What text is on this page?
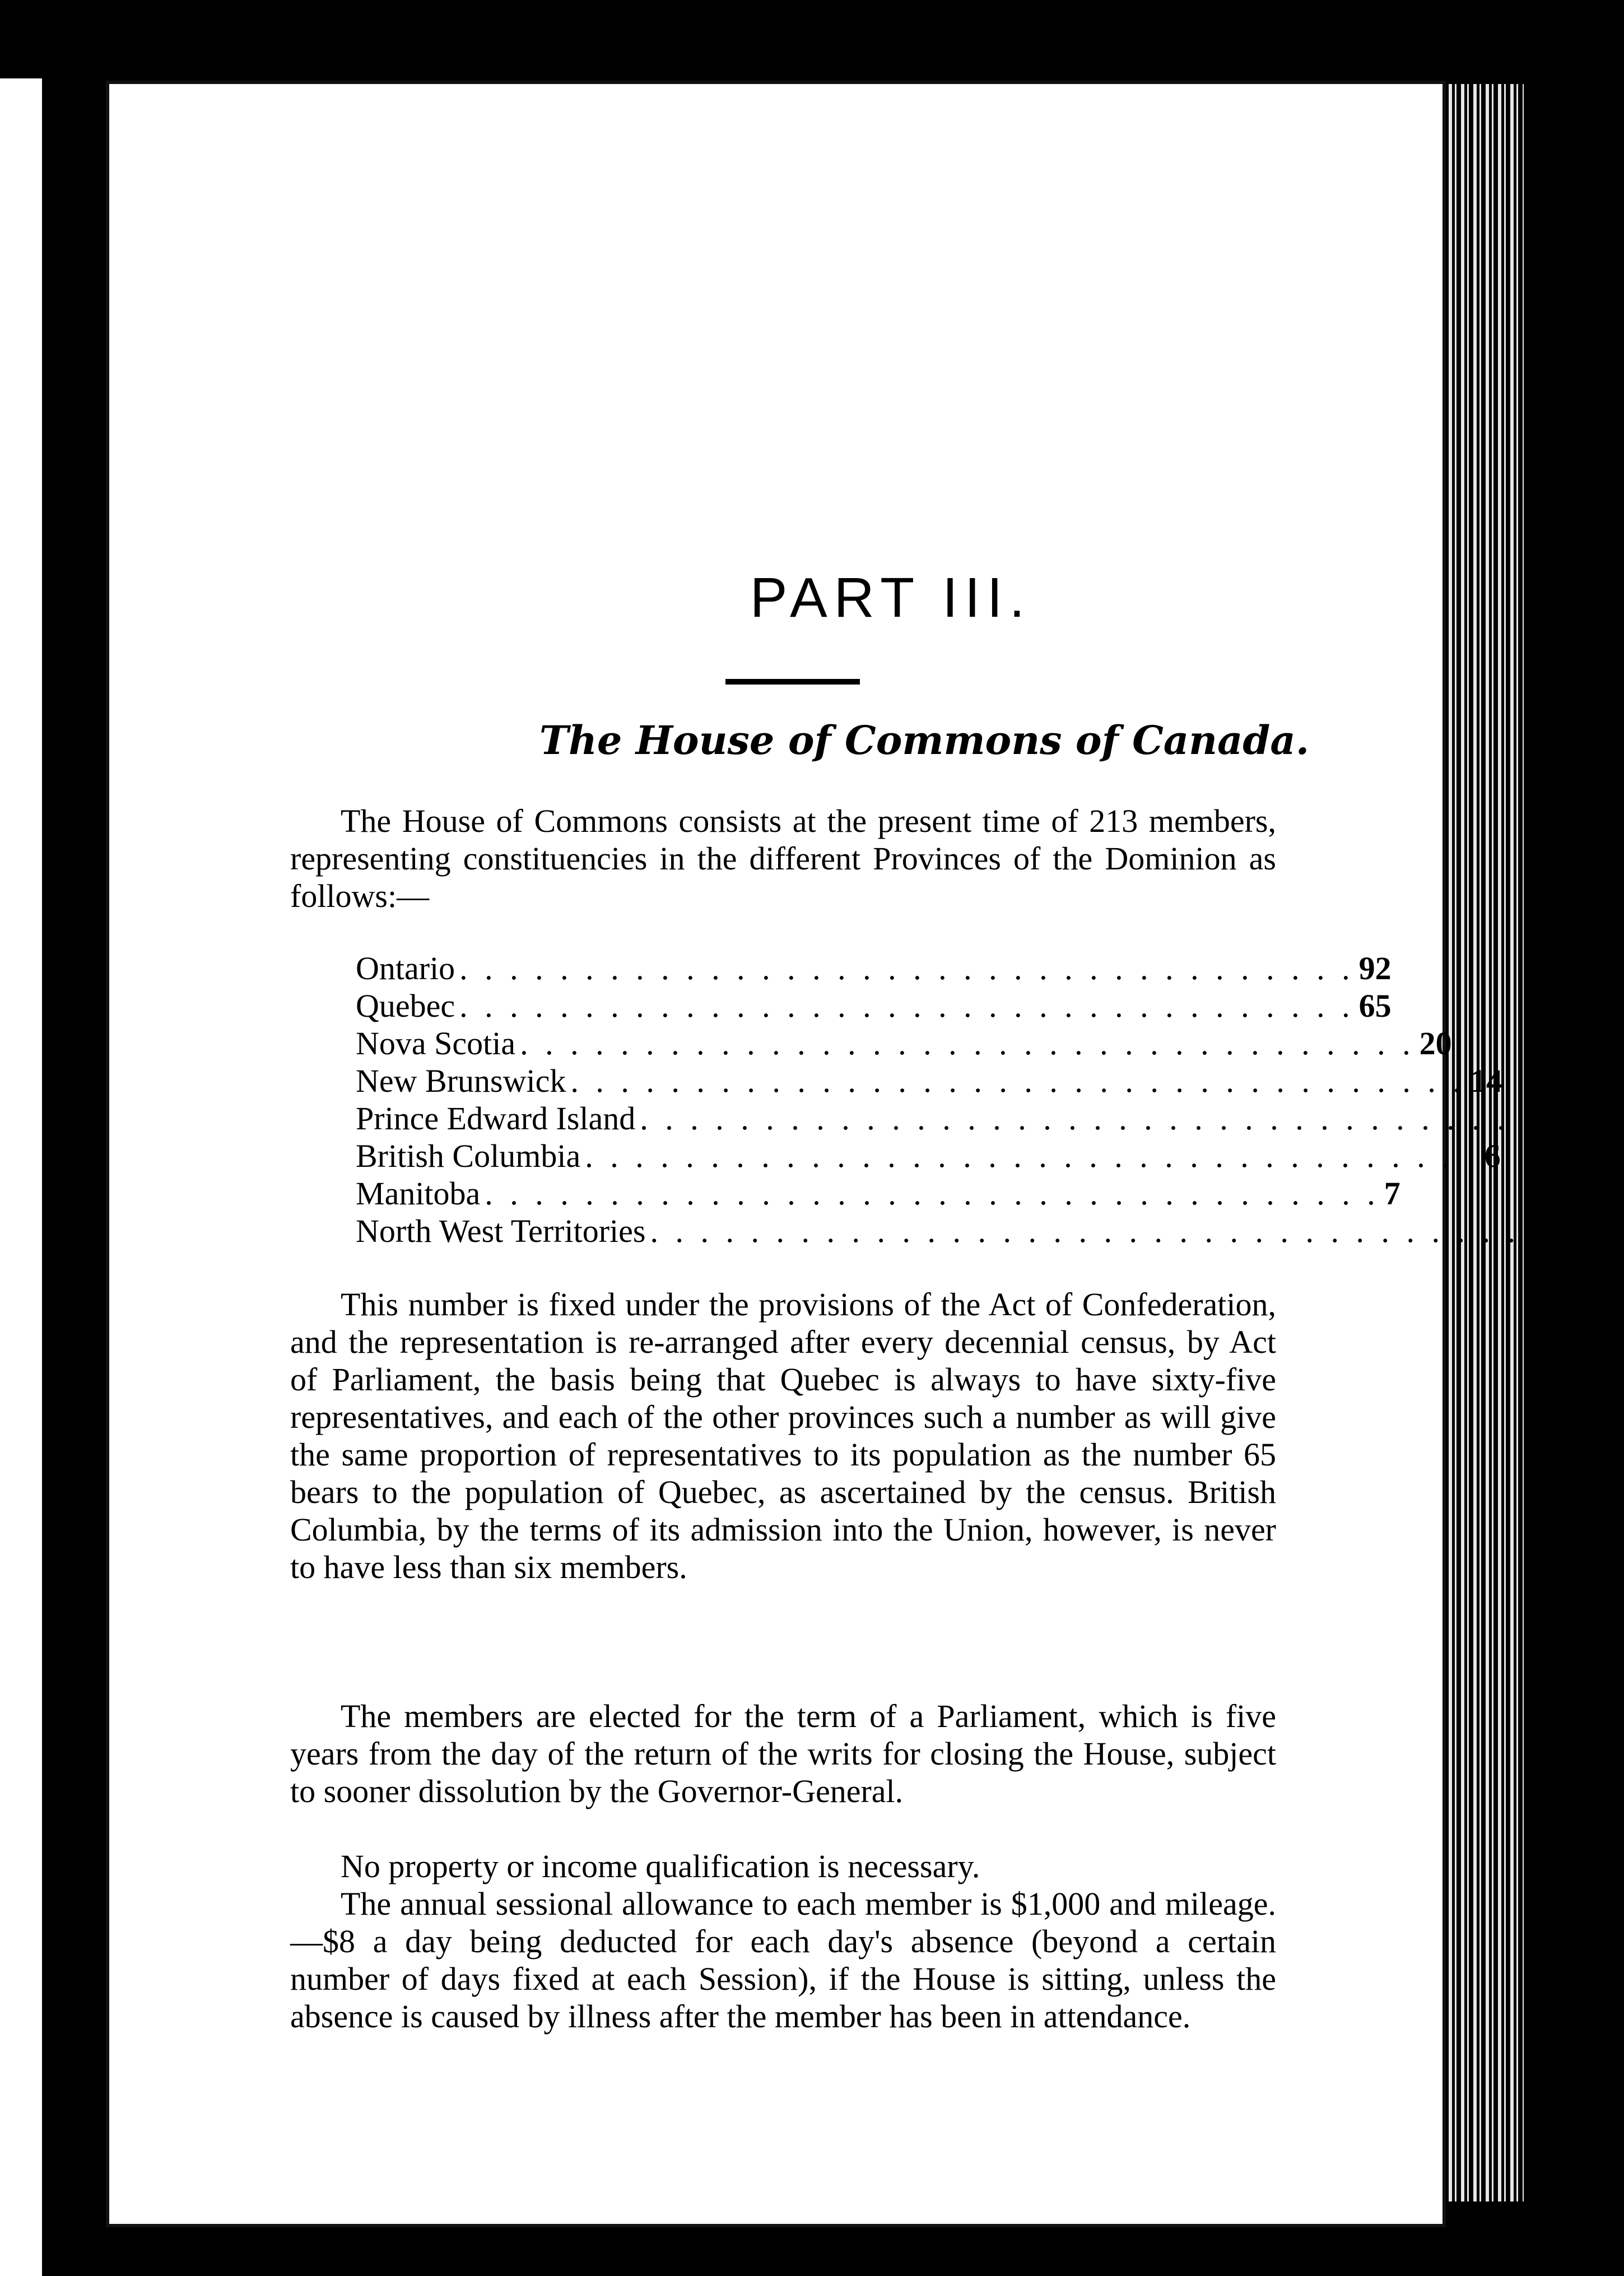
PART III.
The House of Commons of Canada.
The House of Commons consists at the present time of 213 members, representing constituencies in the different Provinces of the Dominion as follows:—
Ontario . . . . . . . . . . . . . . . . . . . . . . . . . . . . . . . . . . . . 92
Quebec . . . . . . . . . . . . . . . . . . . . . . . . . . . . . . . . . . . . 65
Nova Scotia . . . . . . . . . . . . . . . . . . . . . . . . . . . . . . . . . . . . 20
New Brunswick . . . . . . . . . . . . . . . . . . . . . . . . . . . . . . . . . . . . 14
Prince Edward Island . . . . . . . . . . . . . . . . . . . . . . . . . . . . . . . . . . . . 5
British Columbia . . . . . . . . . . . . . . . . . . . . . . . . . . . . . . . . . . . . 6
Manitoba . . . . . . . . . . . . . . . . . . . . . . . . . . . . . . . . . . . . 7
North West Territories . . . . . . . . . . . . . . . . . . . . . . . . . . . . . . . . . . . . 4
This number is fixed under the provisions of the Act of Confederation, and the representation is re-arranged after every decennial census, by Act of Parliament, the basis being that Quebec is always to have sixty-five representatives, and each of the other provinces such a number as will give the same proportion of representatives to its population as the number 65 bears to the population of Quebec, as ascertained by the census. British Columbia, by the terms of its admission into the Union, however, is never to have less than six members.
The members are elected for the term of a Parliament, which is five years from the day of the return of the writs for closing the House, subject to sooner dissolution by the Governor-General.
No property or income qualification is necessary.
The annual sessional allowance to each member is $1,000 and mileage.—$8 a day being deducted for each day's absence (beyond a certain number of days fixed at each Session), if the House is sitting, unless the absence is caused by illness after the member has been in attendance.
